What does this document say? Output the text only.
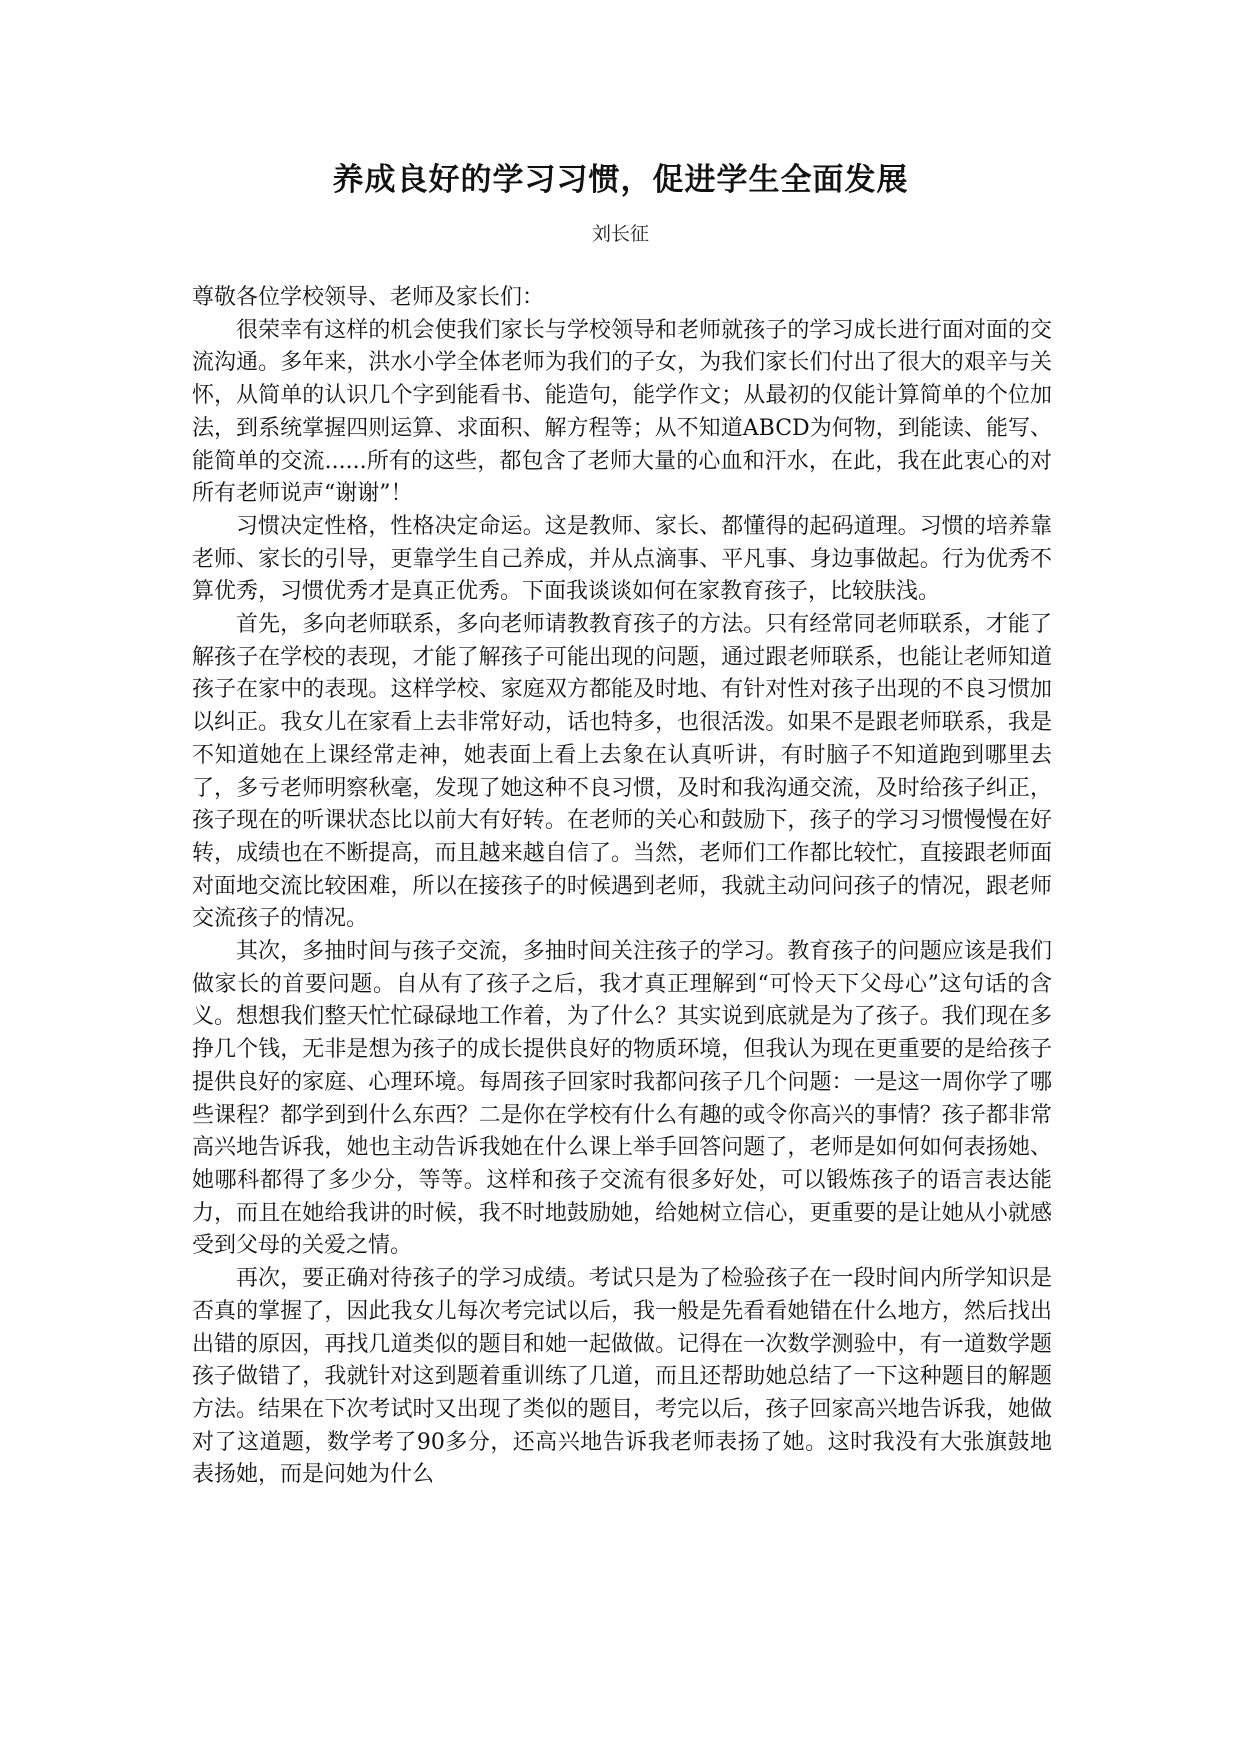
养成良好的学习习惯，促进学生全面发展
刘长征

尊敬各位学校领导、老师及家长们：

很荣幸有这样的机会使我们家长与学校领导和老师就孩子的学习成长进行面对面的交流沟通。多年来，洪水小学全体老师为我们的子女，为我们家长们付出了很大的艰辛与关怀，从简单的认识几个字到能看书、能造句，能学作文；从最初的仅能计算简单的个位加法，到系统掌握四则运算、求面积、解方程等；从不知道ABCD为何物，到能读、能写、能简单的交流......所有的这些，都包含了老师大量的心血和汗水，在此，我在此衷心的对所有老师说声“谢谢”！

习惯决定性格，性格决定命运。这是教师、家长、都懂得的起码道理。习惯的培养靠老师、家长的引导，更靠学生自己养成，并从点滴事、平凡事、身边事做起。行为优秀不算优秀，习惯优秀才是真正优秀。下面我谈谈如何在家教育孩子，比较肤浅。

首先，多向老师联系，多向老师请教教育孩子的方法。只有经常同老师联系，才能了解孩子在学校的表现，才能了解孩子可能出现的问题，通过跟老师联系，也能让老师知道孩子在家中的表现。这样学校、家庭双方都能及时地、有针对性对孩子出现的不良习惯加以纠正。我女儿在家看上去非常好动，话也特多，也很活泼。如果不是跟老师联系，我是不知道她在上课经常走神，她表面上看上去象在认真听讲，有时脑子不知道跑到哪里去了，多亏老师明察秋毫，发现了她这种不良习惯，及时和我沟通交流，及时给孩子纠正，孩子现在的听课状态比以前大有好转。在老师的关心和鼓励下，孩子的学习习惯慢慢在好转，成绩也在不断提高，而且越来越自信了。当然，老师们工作都比较忙，直接跟老师面对面地交流比较困难，所以在接孩子的时候遇到老师，我就主动问问孩子的情况，跟老师交流孩子的情况。

其次，多抽时间与孩子交流，多抽时间关注孩子的学习。教育孩子的问题应该是我们做家长的首要问题。自从有了孩子之后，我才真正理解到“可怜天下父母心”这句话的含义。想想我们整天忙忙碌碌地工作着，为了什么？其实说到底就是为了孩子。我们现在多挣几个钱，无非是想为孩子的成长提供良好的物质环境，但我认为现在更重要的是给孩子提供良好的家庭、心理环境。每周孩子回家时我都问孩子几个问题：一是这一周你学了哪些课程？都学到到什么东西？二是你在学校有什么有趣的或令你高兴的事情？孩子都非常高兴地告诉我，她也主动告诉我她在什么课上举手回答问题了，老师是如何如何表扬她、她哪科都得了多少分，等等。这样和孩子交流有很多好处，可以锻炼孩子的语言表达能力，而且在她给我讲的时候，我不时地鼓励她，给她树立信心，更重要的是让她从小就感受到父母的关爱之情。

再次，要正确对待孩子的学习成绩。考试只是为了检验孩子在一段时间内所学知识是否真的掌握了，因此我女儿每次考完试以后，我一般是先看看她错在什么地方，然后找出出错的原因，再找几道类似的题目和她一起做做。记得在一次数学测验中，有一道数学题孩子做错了，我就针对这到题着重训练了几道，而且还帮助她总结了一下这种题目的解题方法。结果在下次考试时又出现了类似的题目，考完以后，孩子回家高兴地告诉我，她做对了这道题，数学考了90多分，还高兴地告诉我老师表扬了她。这时我没有大张旗鼓地表扬她，而是问她为什么
